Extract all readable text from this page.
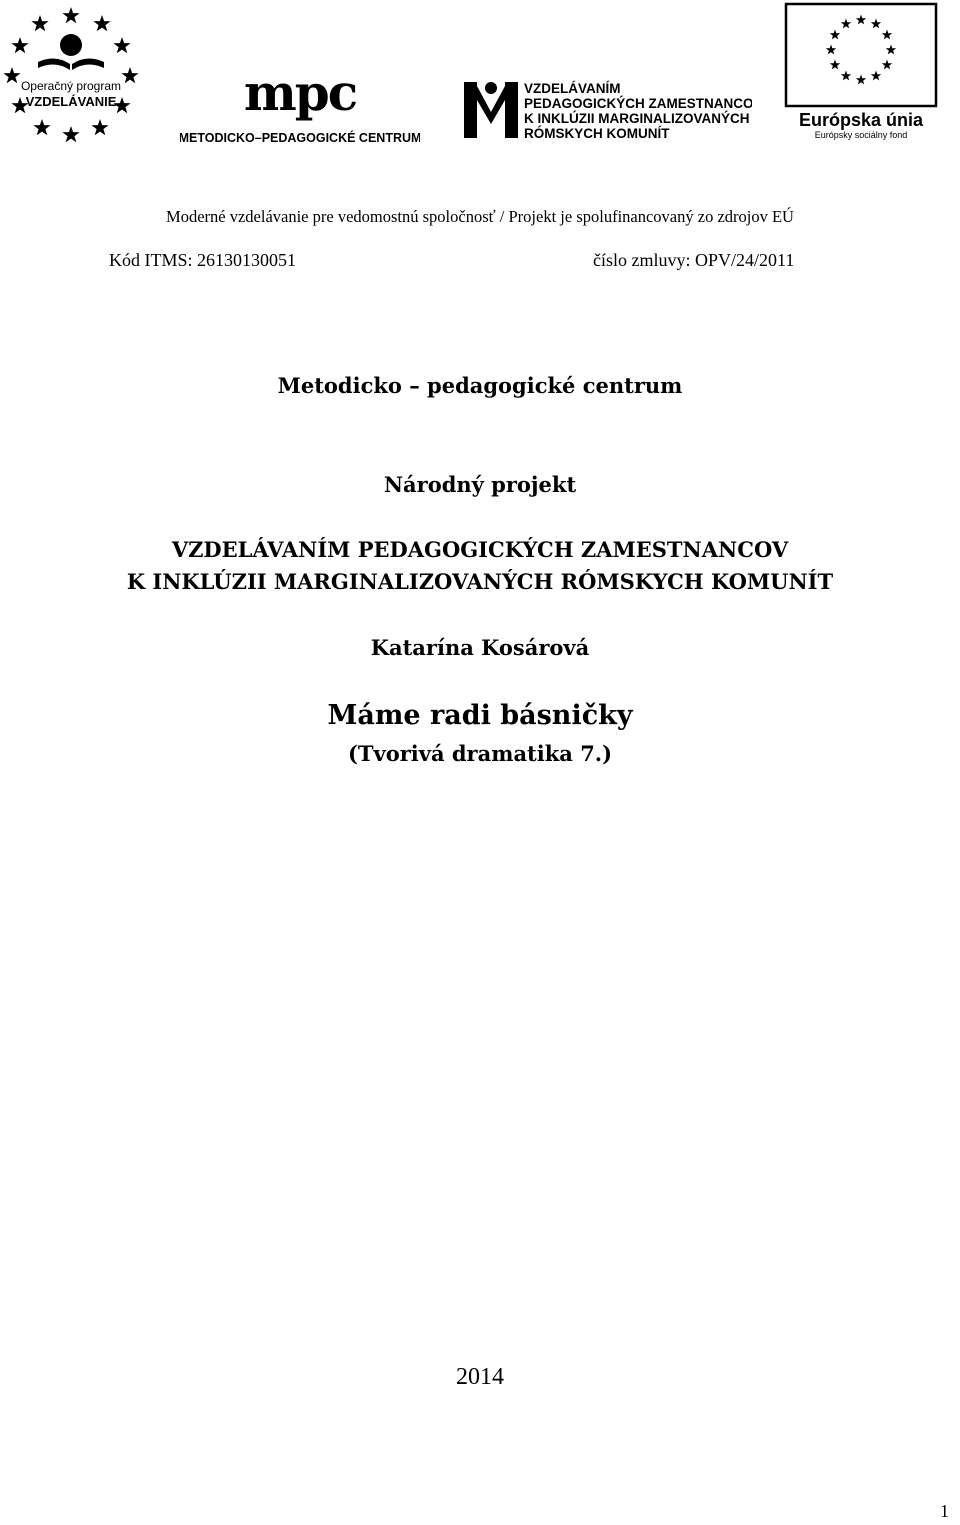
Operačný program
VZDELÁVANIE	mpc
METODICKO–PEDAGOGICKÉ CENTRUM
VZDELÁVANÍM
PEDAGOGICKÝCH ZAMESTNANCOV
K INKLÚZII MARGINALIZOVANÝCH
RÓMSKYCH KOMUNÍT
Európska únia
Európsky sociálny fond
Moderné vzdelávanie pre vedomostnú spoločnosť / Projekt je spolufinancovaný zo zdrojov EÚ
Kód ITMS: 26130130051	číslo zmluvy: OPV/24/2011
Metodicko – pedagogické centrum
Národný projekt
VZDELÁVANÍM PEDAGOGICKÝCH ZAMESTNANCOV
K INKLÚZII MARGINALIZOVANÝCH RÓMSKYCH KOMUNÍT
Katarína Kosárová
Máme radi básničky
(Tvorivá dramatika 7.)
2014
1
